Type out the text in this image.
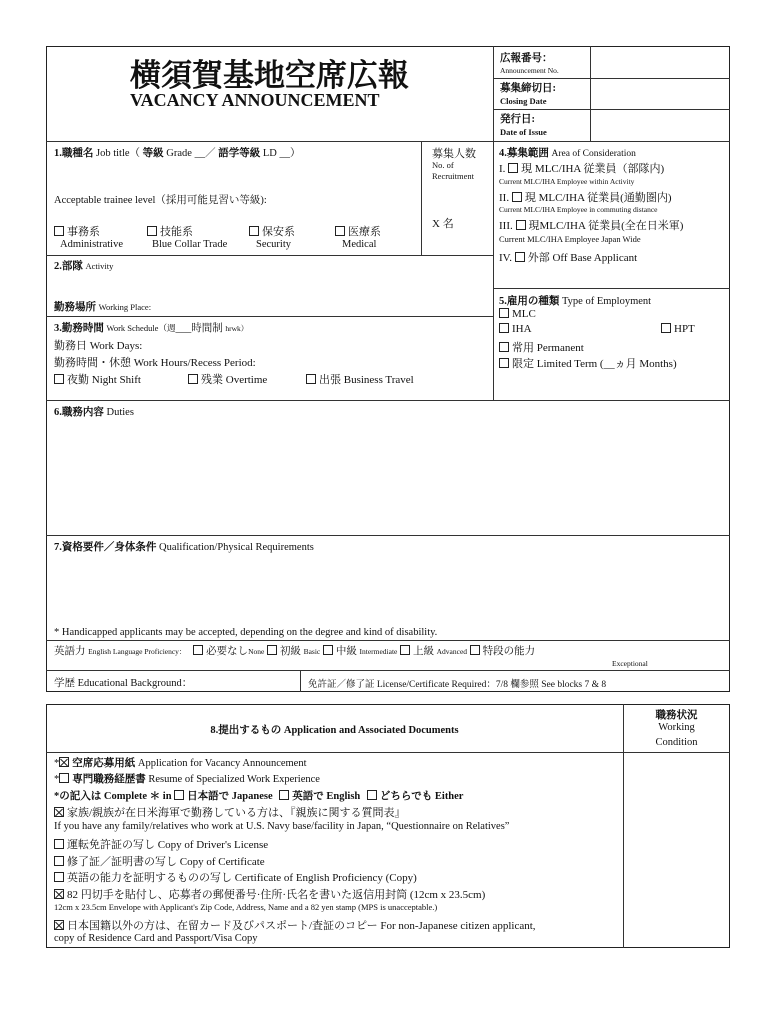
横須賀基地空席広報
VACANCY ANNOUNCEMENT
広報番号：
Announcement No.
募集締切日:
Closing Date
発行日:
Date of Issue
1.職種名 Job title（ 等級 Grade __／ 語学等級 LD __）
Acceptable trainee level（採用可能見習い等級):
事務系
Administrative
技能系
Blue Collar Trade
保安系
Security
医療系
Medical
募集人数
No. of
Recruitment
X 名
4.募集範囲 Area of Consideration
I. 現 MLC/IHA 従業員（部隊内)
Current MLC/IHA Employee within Activity
II. 現 MLC/IHA 従業員(通勤圏内)
Current MLC/IHA Employee in commuting distance
III. 現MLC/IHA 従業員(全在日米軍)
Current MLC/IHA Employee Japan Wide
IV. 外部 Off Base Applicant
2.部隊 Activity
勤務場所 Working Place:
3.勤務時間 Work Schedule（週___時間制 hrwk）
勤務日 Work Days:
勤務時間・休憩 Work Hours/Recess Period:
夜勤 Night Shift	残業 Overtime	出張 Business Travel
5.雇用の種類 Type of Employment
MLC
IHA	HPT
常用 Permanent
限定 Limited Term (__ヵ月 Months)
6.職務内容 Duties
7.資格要件／身体条件 Qualification/Physical Requirements
* Handicapped applicants may be accepted, depending on the degree and kind of disability.
英語力 English Language Proficiency： 必要なしNone 初級 Basic 中級 Intermediate 上級 Advanced 特段の能力
Exceptional
学歴 Educational Background：	免許証／修了証 License/Certificate Required：7/8 欄参照 See blocks 7 & 8
8.提出するもの Application and Associated Documents
職務状況
Working
Condition
* 空席応募用紙 Application for Vacancy Announcement
* 専門職務経歴書 Resume of Specialized Work Experience
*の記入は Complete ＊ in 日本語で Japanese 英語で English どちらでも Either
家族/親族が在日米海軍で勤務している方は、『親族に関する質問表』
If you have any family/relatives who work at U.S. Navy base/facility in Japan, “Questionnaire on Relatives”
運転免許証の写し Copy of Driver's License
修了証／証明書の写し Copy of Certificate
英語の能力を証明するものの写し Certificate of English Proficiency (Copy)
82 円切手を貼付し、応募者の郵便番号·住所·氏名を書いた返信用封筒 (12cm x 23.5cm)
12cm x 23.5cm Envelope with Applicant's Zip Code, Address, Name and a 82 yen stamp (MPS is unacceptable.)
日本国籍以外の方は、在留カード及びパスポート/査証のコピー For non-Japanese citizen applicant,
copy of Residence Card and Passport/Visa Copy
